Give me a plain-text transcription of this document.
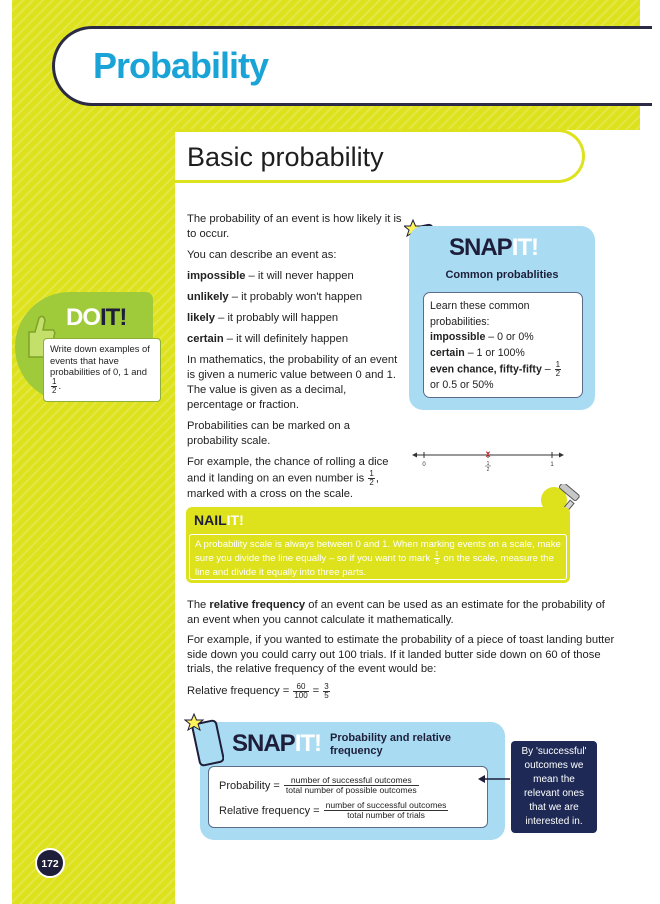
Probability
Basic probability

The probability of an event is how likely it is to occur.

You can describe an event as:

impossible – it will never happen

unlikely – it probably won't happen

likely – it probably will happen

certain – it will definitely happen

In mathematics, the probability of an event is given a numeric value between 0 and 1. The value is given as a decimal, percentage or fraction.

Probabilities can be marked on a probability scale.

For example, the chance of rolling a dice and it landing on an even number is $\frac{1}{2}$ , marked with a cross on the scale.

SNAPIT!
Common probablities
Learn these common probabilities:
impossible – 0 or 0%
certain – 1 or 100%
even chance, fifty-fifty – $\frac{1}{2}$
or 0.5 or 50%
x
0	1
2
1
DOIT!
Write down examples of events that have probabilities of 0, 1 and
$\frac{1}{2}$ .
NAILIT!
A probability scale is always between 0 and 1. When marking events on a scale, make sure you divide the line equally – so if you want to mark $\frac{1}{3}$ on the scale, measure the line and divide it equally into three parts.

The relative frequency of an event can be used as an estimate for the probability of an event when you cannot calculate it mathematically.

For example, if you wanted to estimate the probability of a piece of toast landing butter side down you could carry out 100 trials. If it landed butter side down on 60 of those trials, the relative frequency of the event would be:

Relative frequency = $\frac{60}{100} = \frac{3}{5}$
SNAPIT! Probability and relative frequency
Probability =	number of successful outcomes
total number of possible outcomes
Relative frequency = number of successful outcomes
total number of trials
By 'successful' outcomes we mean the relevant ones that we are interested in.
172
